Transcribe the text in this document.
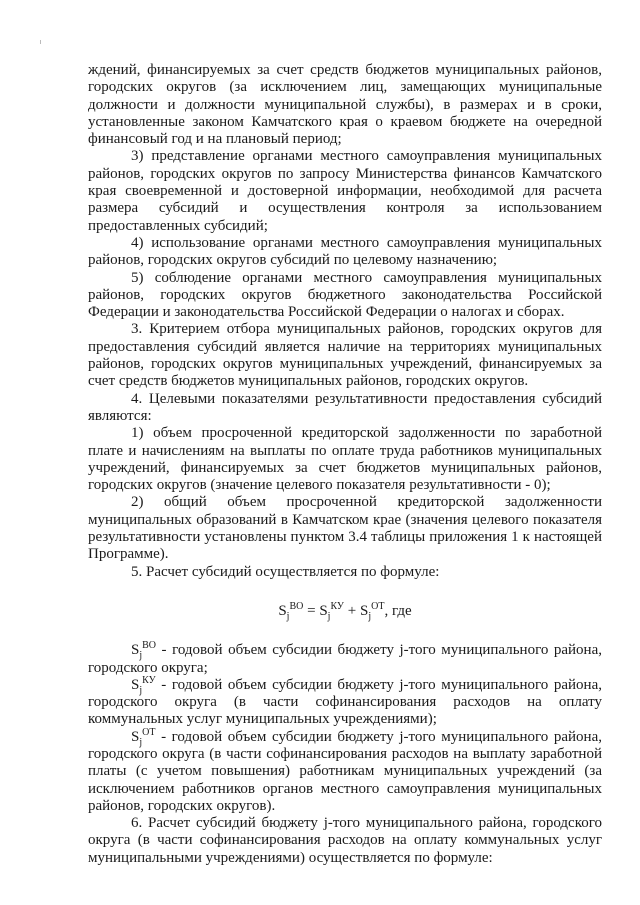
ждений, финансируемых за счет средств бюджетов муниципальных районов, городских округов (за исключением лиц, замещающих муниципальные должности и должности муниципальной службы), в размерах и в сроки, установленные законом Камчатского края о краевом бюджете на очередной финансовый год и на плановый период;

3) представление органами местного самоуправления муниципальных районов, городских округов по запросу Министерства финансов Камчатского края своевременной и достоверной информации, необходимой для расчета размера субсидий и осуществления контроля за использованием предоставленных субсидий;

4) использование органами местного самоуправления муниципальных районов, городских округов субсидий по целевому назначению;

5) соблюдение органами местного самоуправления муниципальных районов, городских округов бюджетного законодательства Российской Федерации и законодательства Российской Федерации о налогах и сборах.

3. Критерием отбора муниципальных районов, городских округов для предоставления субсидий является наличие на территориях муниципальных районов, городских округов муниципальных учреждений, финансируемых за счет средств бюджетов муниципальных районов, городских округов.

4. Целевыми показателями результативности предоставления субсидий являются:

1) объем просроченной кредиторской задолженности по заработной плате и начислениям на выплаты по оплате труда работников муниципальных учреждений, финансируемых за счет бюджетов муниципальных районов, городских округов (значение целевого показателя результативности - 0);

2) общий объем просроченной кредиторской задолженности муниципальных образований в Камчатском крае (значения целевого показателя результативности установлены пунктом 3.4 таблицы приложения 1 к настоящей Программе).

5. Расчет субсидий осуществляется по формуле:

$S_j^{ВО} = S_j^{КУ} + S_j^{ОТ}$, где

$S_j^{ВО}$ - годовой объем субсидии бюджету j-того муниципального района, городского округа;

$S_j^{КУ}$ - годовой объем субсидии бюджету j-того муниципального района, городского округа (в части софинансирования расходов на оплату коммунальных услуг муниципальных учреждениями);

$S_j^{ОТ}$ - годовой объем субсидии бюджету j-того муниципального района, городского округа (в части софинансирования расходов на выплату заработной платы (с учетом повышения) работникам муниципальных учреждений (за исключением работников органов местного самоуправления муниципальных районов, городских округов).

6. Расчет субсидий бюджету j-того муниципального района, городского округа (в части софинансирования расходов на оплату коммунальных услуг муниципальными учреждениями) осуществляется по формуле:
